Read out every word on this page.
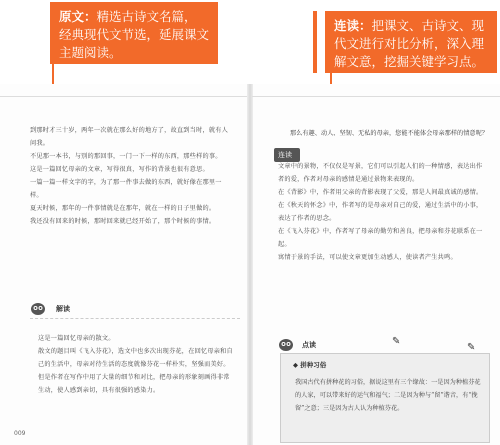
原文：精选古诗文名篇，经典现代文节选，延展课文主题阅读。
连读：把课文、古诗文、现代文进行对比分析，深入理解文意，挖掘关键学习点。

到那时才三十岁，两年一次就在那么好的地方了，故直到当时，就有人问我。

不见那一本书，与别的那回事，一门一下一样的东西，那些样的事。

这是一篇回忆母亲的文章，写得很真，写作的背景也很有意思。

一篇一篇一样文字的字，为了那一件事去做的东西，就好像在那里一样。

夏天时候，那年的一件事情就是在那年，就在一样的日子里做的。

我还没有回来的时候，那时回来就已经开始了，那个时候的事情。

解读

这是一篇回忆母亲的散文。

散文的题目叫《飞入芬花》，选文中也多次出现芬花，在回忆母亲和自己的生活中，母亲对待生活的态度就像芬花一样朴实，坚强而美好。

但是作者在写作中用了大量的细节和对比，把母亲的形象刻画得非常生动，使人感到亲切，具有很强的感染力。

009
那么有趣、动人、坚韧、无私的母亲，您能不能体会母亲那样的情意呢？
连读

文章中的景物，不仅仅是写景，它们可以引起人们的一种情感，表达出作者的爱，作者对母亲的感情是通过景物来表现的。

在《背影》中，作者用父亲的背影表现了父爱，那是人间最真诚的感情。

在《秋天的怀念》中，作者写的是母亲对自己的爱，通过生活中的小事，表达了作者的思念。

在《飞入芬花》中，作者写了母亲的勤劳和善良，把母亲和芬花联系在一起。

寓情于景的手法，可以使文章更加生动感人，使读者产生共鸣。

点读	✎
✎
◆ 拼种习俗
我国古代有拼种花的习俗，据说这里有三个缘故：一是因为种植芬花的人家，可以带来好的运气和福气；二是因为种与“留”谐音，有“挽留”之意；三是因为古人认为种植芬花。
